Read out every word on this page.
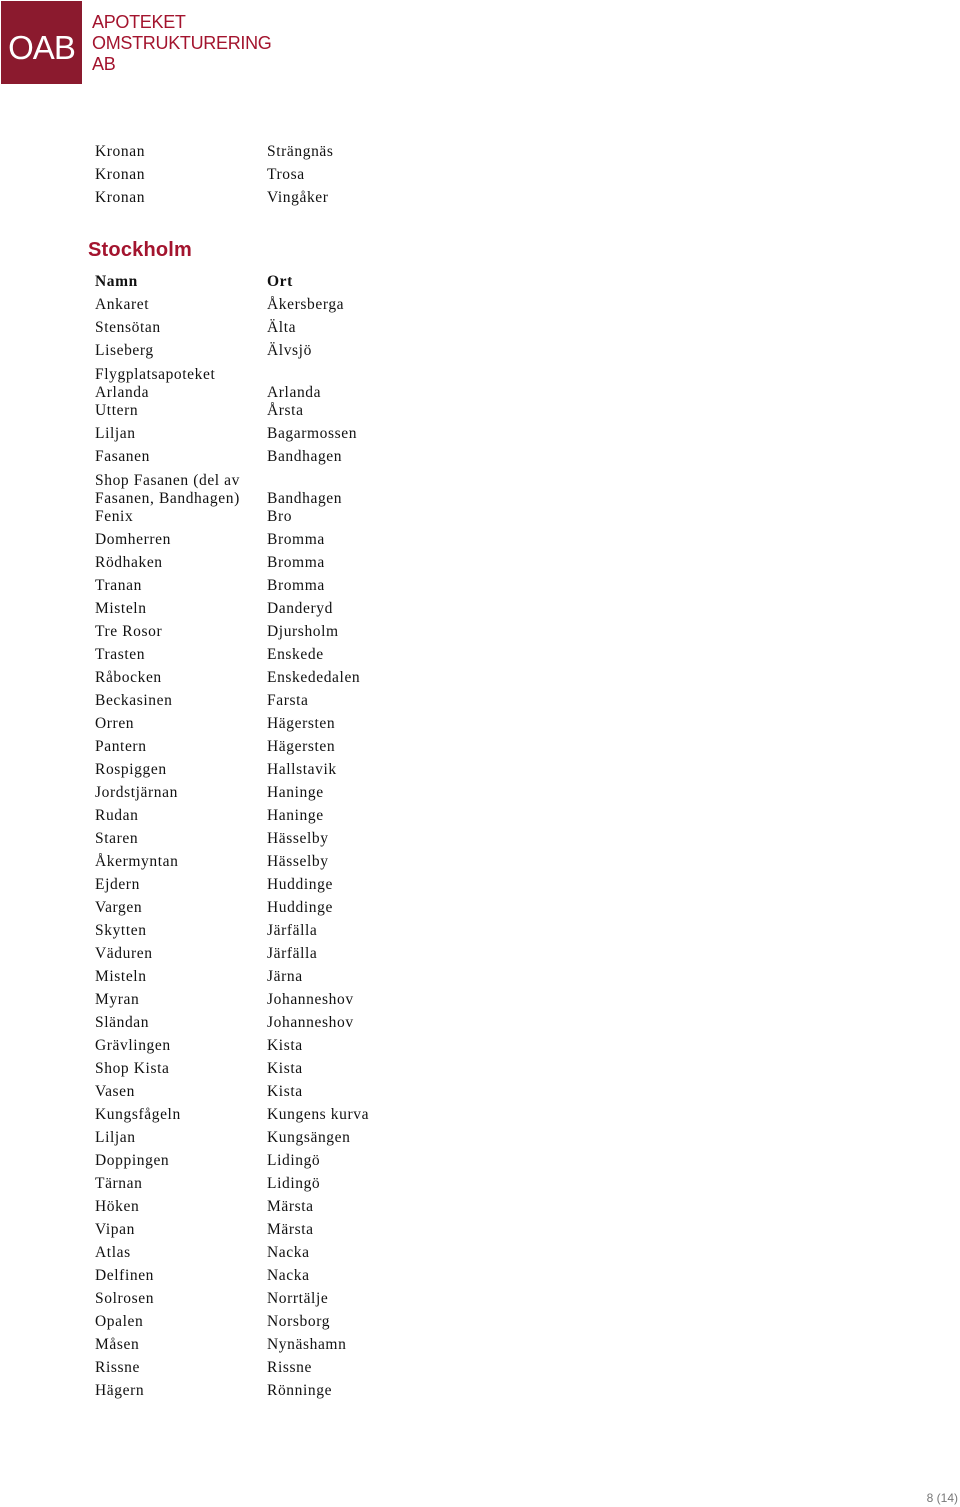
OAB
APOTEKET
OMSTRUKTURERING
AB
Kronan	Strängnäs
Kronan	Trosa
Kronan	Vingåker
Stockholm
Namn	Ort
Ankaret	Åkersberga
Stensötan	Älta
Liseberg	Älvsjö
Flygplatsapoteket
Arlanda	Arlanda
Uttern	Årsta
Liljan	Bagarmossen
Fasanen	Bandhagen
Shop Fasanen (del av
Fasanen, Bandhagen)	Bandhagen
Fenix	Bro
Domherren	Bromma
Rödhaken	Bromma
Tranan	Bromma
Misteln	Danderyd
Tre Rosor	Djursholm
Trasten	Enskede
Råbocken	Enskededalen
Beckasinen	Farsta
Orren	Hägersten
Pantern	Hägersten
Rospiggen	Hallstavik
Jordstjärnan	Haninge
Rudan	Haninge
Staren	Hässelby
Åkermyntan	Hässelby
Ejdern	Huddinge
Vargen	Huddinge
Skytten	Järfälla
Väduren	Järfälla
Misteln	Järna
Myran	Johanneshov
Sländan	Johanneshov
Grävlingen	Kista
Shop Kista	Kista
Vasen	Kista
Kungsfågeln	Kungens kurva
Liljan	Kungsängen
Doppingen	Lidingö
Tärnan	Lidingö
Höken	Märsta
Vipan	Märsta
Atlas	Nacka
Delfinen	Nacka
Solrosen	Norrtälje
Opalen	Norsborg
Måsen	Nynäshamn
Rissne	Rissne
Hägern	Rönninge
8 (14)
